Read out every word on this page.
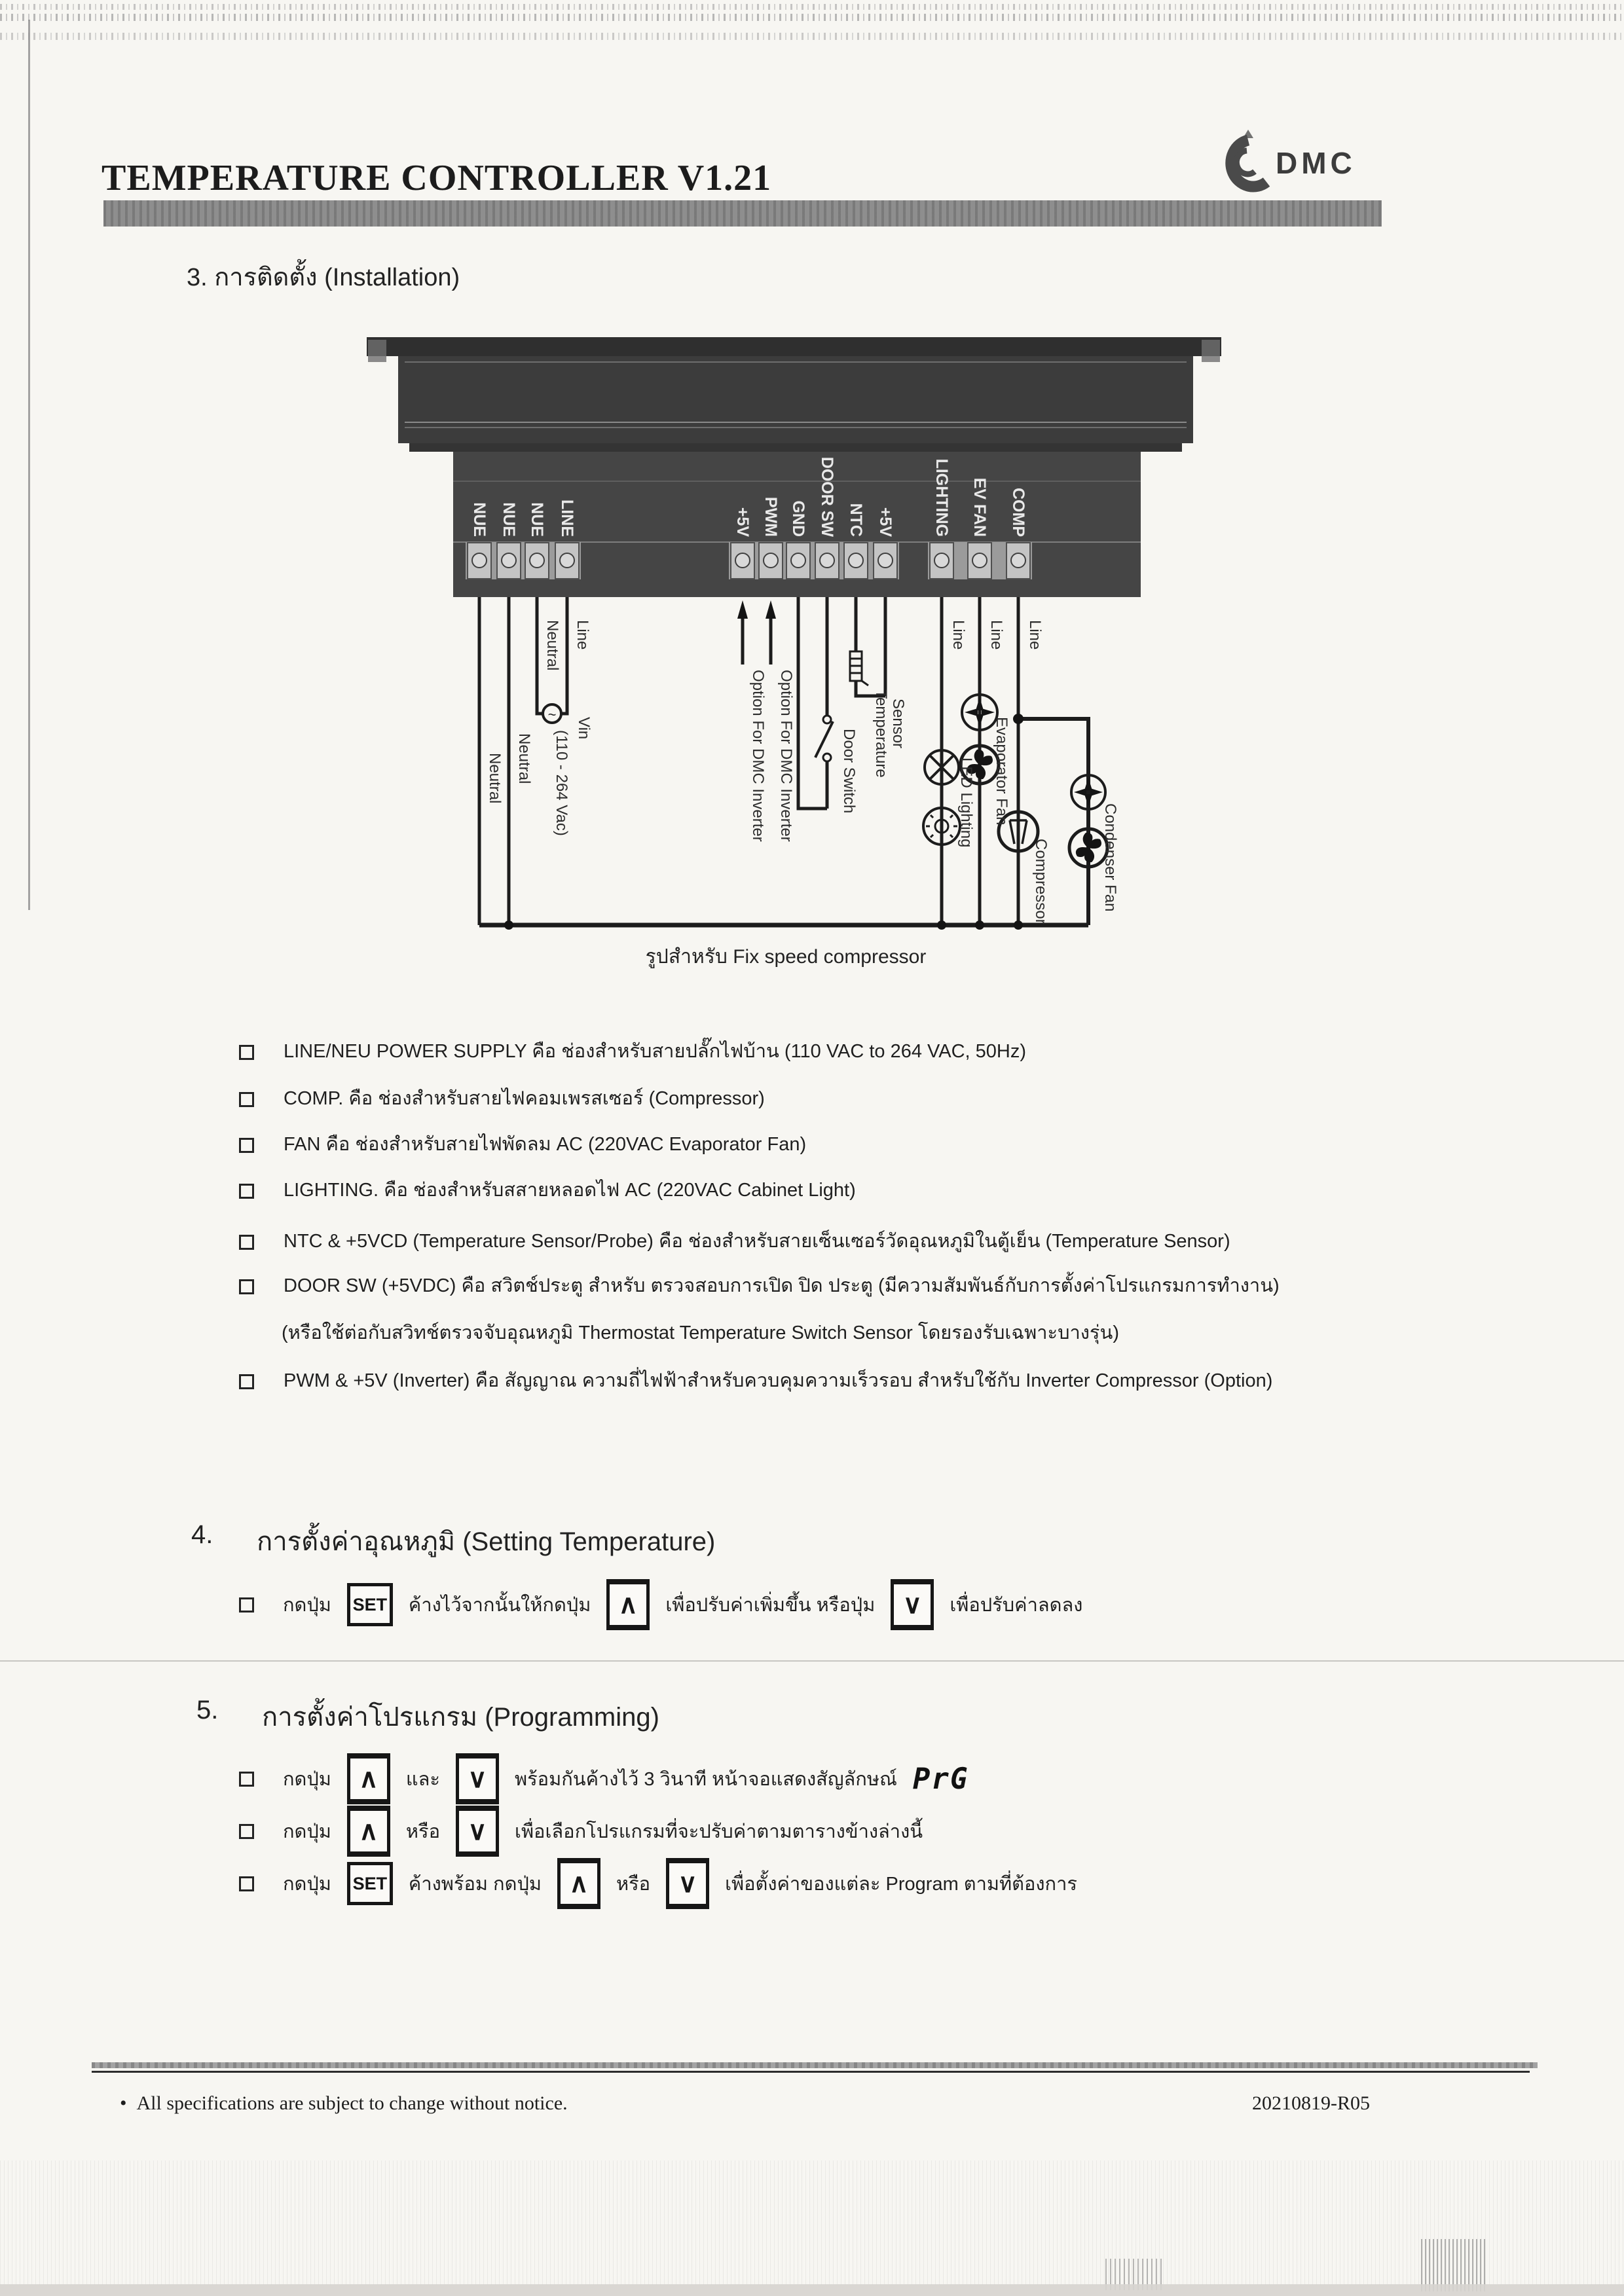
TEMPERATURE CONTROLLER V1.21	DMC
3. การติดตั้ง (Installation)
NUE NUE NUE LINE	+5V PWM GND DOOR SW NTC +5V LIGHTING EV FAN COMP
~
Neutral Neutral
Neutral Line
Vin
(110 - 264 Vac)	Option For DMC Inverter Option For DMC Inverter	Door Switch Temperature Sensor
Line Line Line
LED Lighting Evaporator Fan
Compressor	Condenser Fan
รูปสำหรับ Fix speed compressor
LINE/NEU POWER SUPPLY คือ ช่องสำหรับสายปลั๊กไฟบ้าน (110 VAC to 264 VAC, 50Hz)
COMP. คือ ช่องสำหรับสายไฟคอมเพรสเซอร์ (Compressor)
FAN คือ ช่องสำหรับสายไฟพัดลม AC (220VAC Evaporator Fan)
LIGHTING. คือ ช่องสำหรับสสายหลอดไฟ AC (220VAC Cabinet Light)
NTC & +5VCD (Temperature Sensor/Probe) คือ ช่องสำหรับสายเซ็นเซอร์วัดอุณหภูมิในตู้เย็น (Temperature Sensor)
DOOR SW (+5VDC) คือ สวิตช์ประตู สำหรับ ตรวจสอบการเปิด ปิด ประตู (มีความสัมพันธ์กับการตั้งค่าโปรแกรมการทำงาน)
(หรือใช้ต่อกับสวิทช์ตรวจจับอุณหภูมิ Thermostat Temperature Switch Sensor โดยรองรับเฉพาะบางรุ่น)
PWM & +5V (Inverter) คือ สัญญาณ ความถี่ไฟฟ้าสำหรับควบคุมความเร็วรอบ สำหรับใช้กับ Inverter Compressor (Option)
4. การตั้งค่าอุณหภูมิ (Setting Temperature)
กดปุ่ม	SET	ค้างไว้จากนั้นให้กดปุ่ม	∧	เพื่อปรับค่าเพิ่มขึ้น หรือปุ่ม	∨	เพื่อปรับค่าลดลง
5. การตั้งค่าโปรแกรม (Programming)
กดปุ่ม	∧	และ	∨	พร้อมกันค้างไว้ 3 วินาที หน้าจอแสดงสัญลักษณ์ PrG
กดปุ่ม	∧	หรือ	∨	เพื่อเลือกโปรแกรมที่จะปรับค่าตามตารางข้างล่างนี้
กดปุ่ม	SET	ค้างพร้อม กดปุ่ม	∧	หรือ	∨	เพื่อตั้งค่าของแต่ละ Program ตามที่ต้องการ
• All specifications are subject to change without notice.	20210819-R05
